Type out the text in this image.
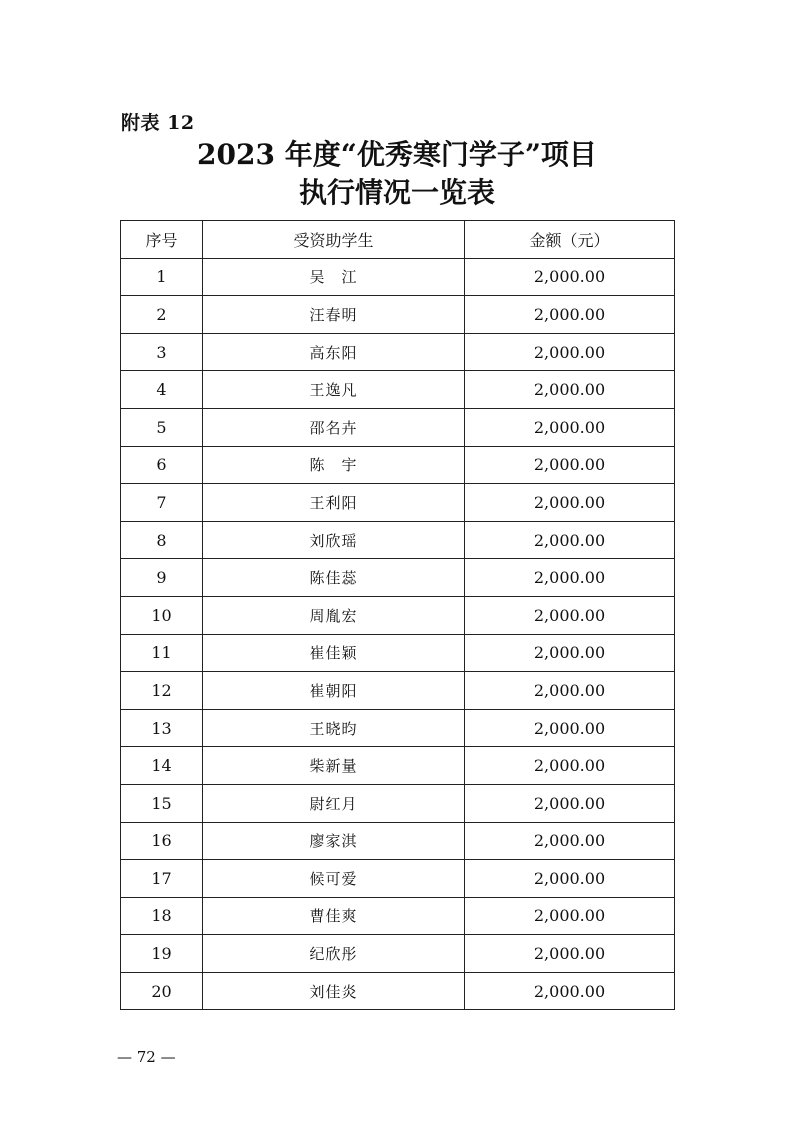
附表 12
2023 年度“优秀寒门学子”项目
执行情况一览表
序号	受资助学生	金额（元）
1	吴　江	2,000.00
2	汪春明	2,000.00
3	高东阳	2,000.00
4	王逸凡	2,000.00
5	邵名卉	2,000.00
6	陈　宇	2,000.00
7	王利阳	2,000.00
8	刘欣瑶	2,000.00
9	陈佳蕊	2,000.00
10	周胤宏	2,000.00
11	崔佳颖	2,000.00
12	崔朝阳	2,000.00
13	王晓昀	2,000.00
14	柴新量	2,000.00
15	尉红月	2,000.00
16	廖家淇	2,000.00
17	候可爱	2,000.00
18	曹佳爽	2,000.00
19	纪欣彤	2,000.00
20	刘佳炎	2,000.00
— 72 —
